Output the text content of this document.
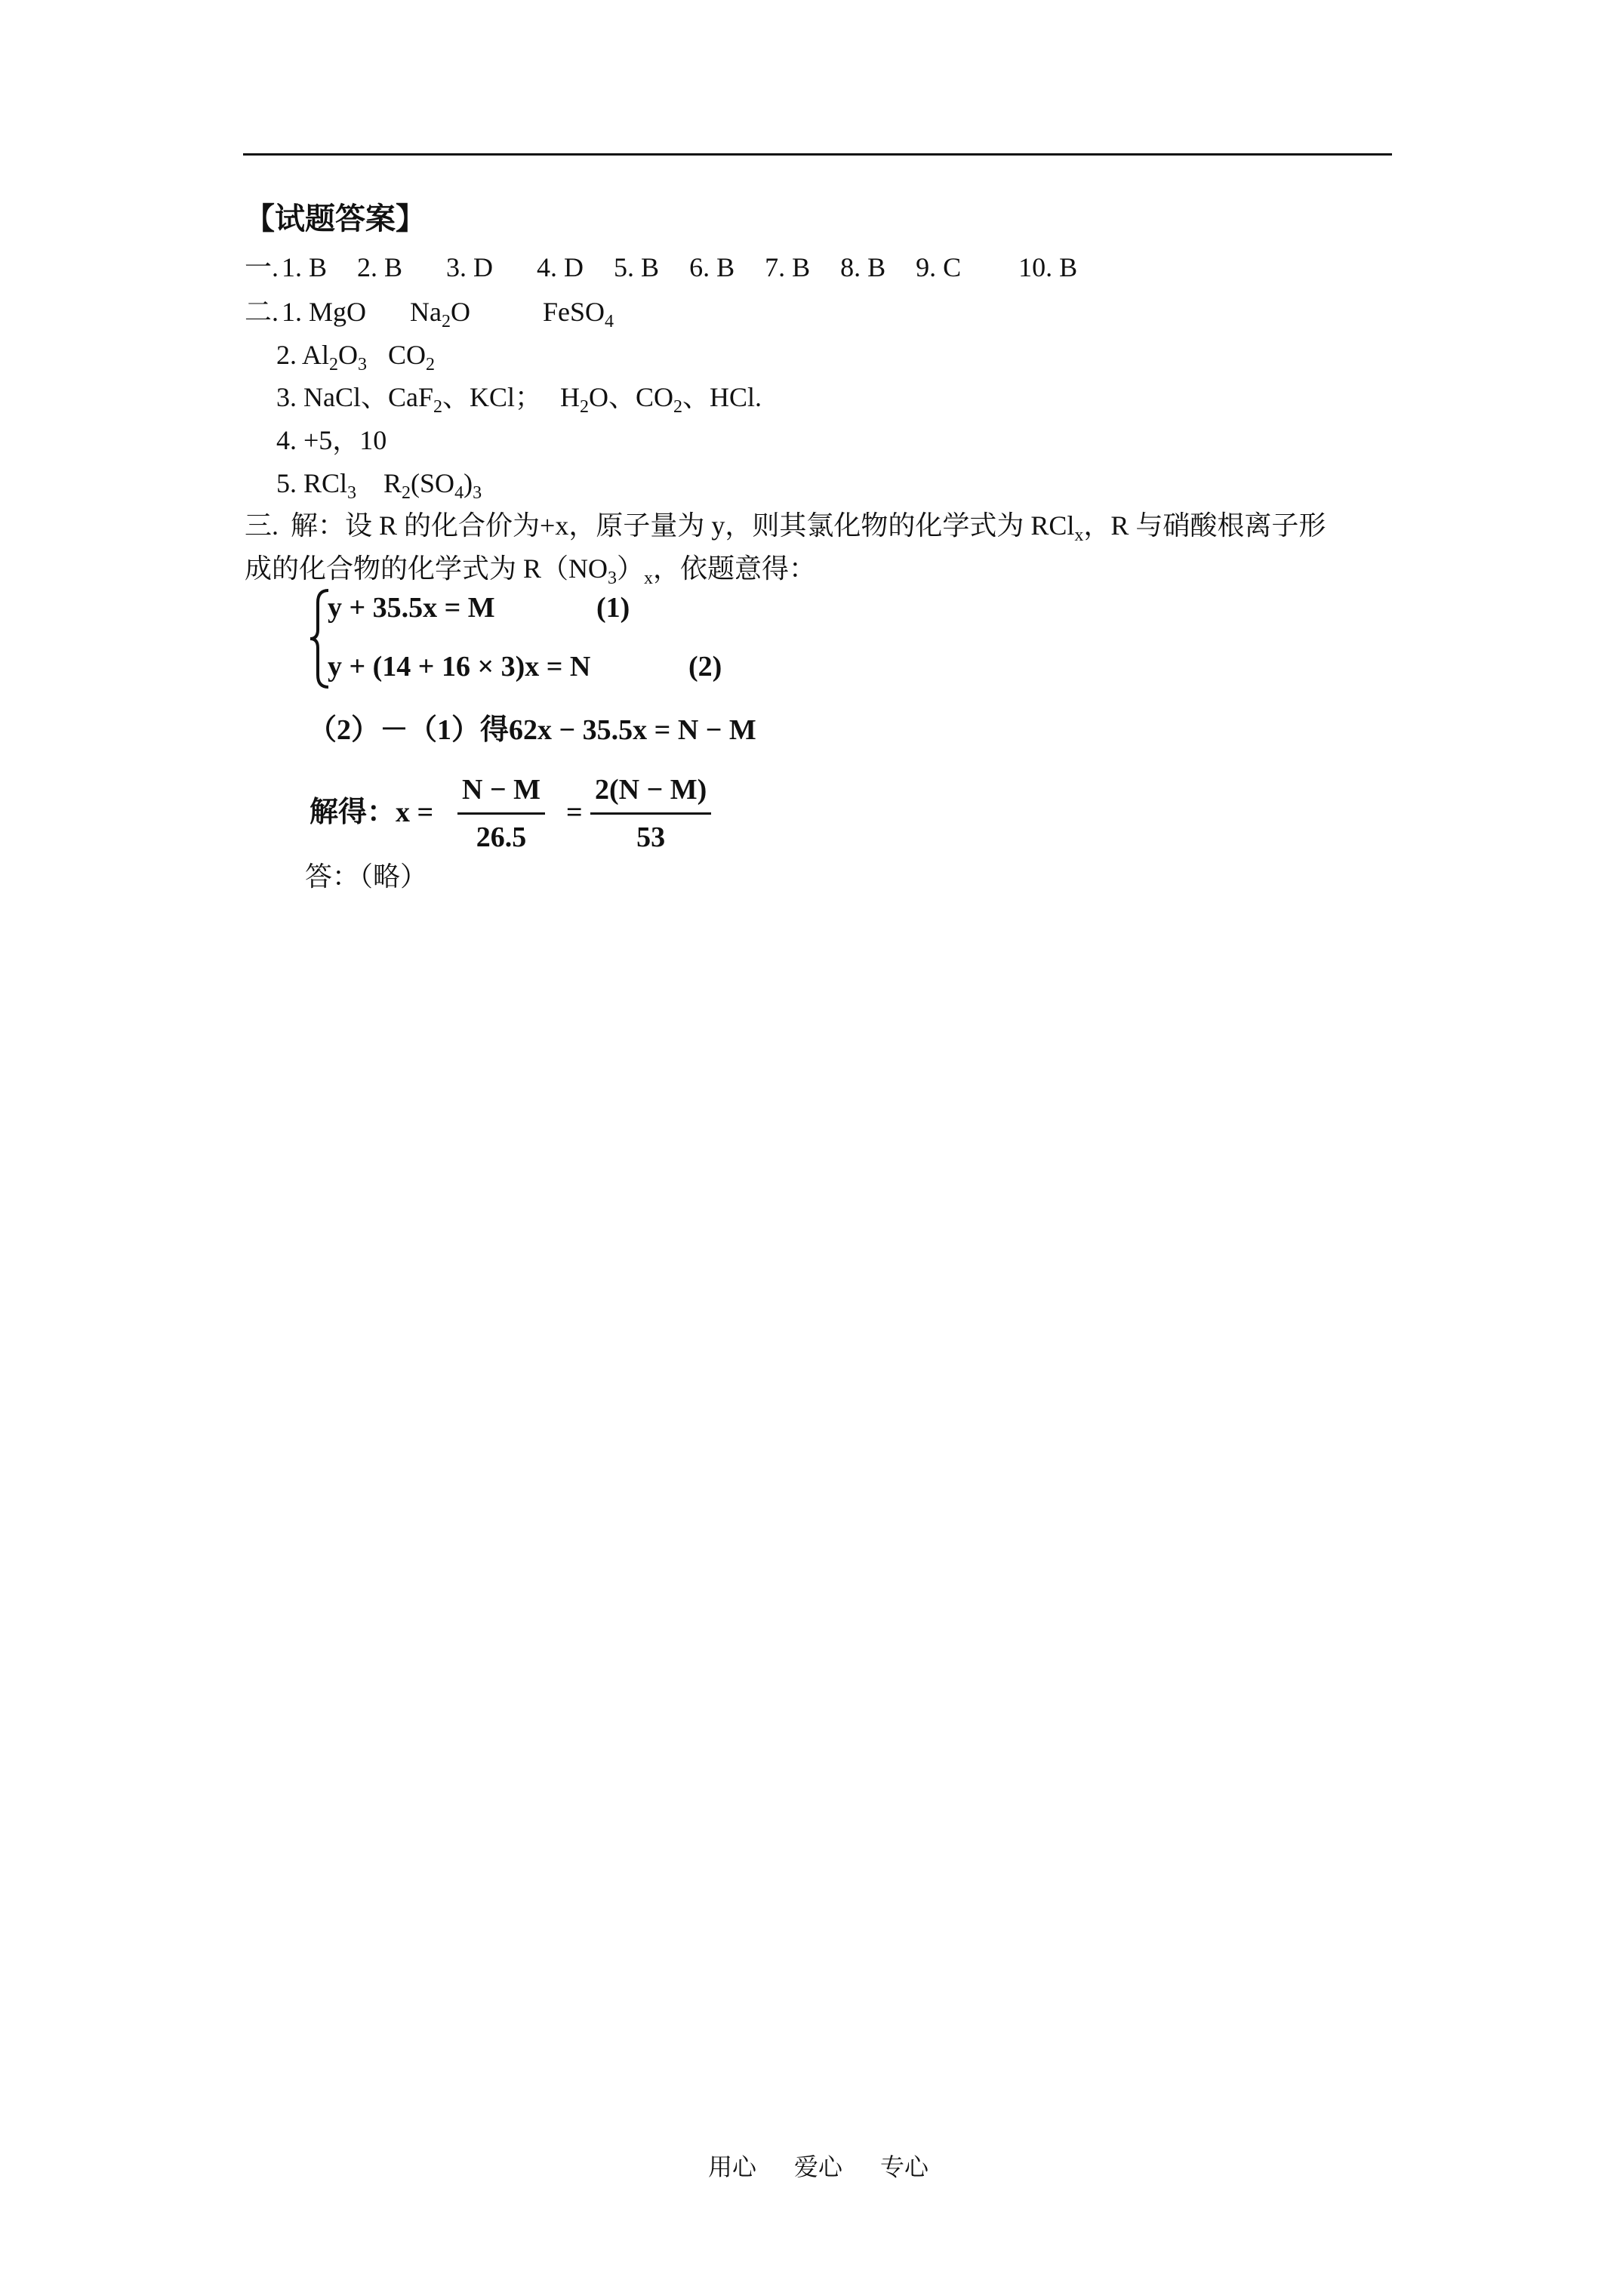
【试题答案】
一. 1. B 2. B 3. D 4. D 5. B 6. B 7. B 8. B 9. C 10. B
二. 1. MgO $Na_2O$	FeSO$_4$
2. $Al_2O_3$ $CO_2$
3. NaCl、CaF$_2$、KCl； $H_2O$、$CO_2$、HCl.
4. +5，10
5. RCl$_3$ $R_2(SO_4)_3$
三. 解：设 R 的化合价为+x，原子量为 y，则其氯化物的化学式为 RCl$_x$，R 与硝酸根离子形
成的化合物的化学式为 $R(NO_3)_x$，依题意得：
y + 35.5x = M	(1)
y + (14 + 16 × 3)x = N	(2)
（2）－（1）得62x − 35.5x = N − M
解得：$x = \frac{N - M}{26.5} = \frac{2(N - M)}{53}$
答：（略）
用心 爱心 专心
